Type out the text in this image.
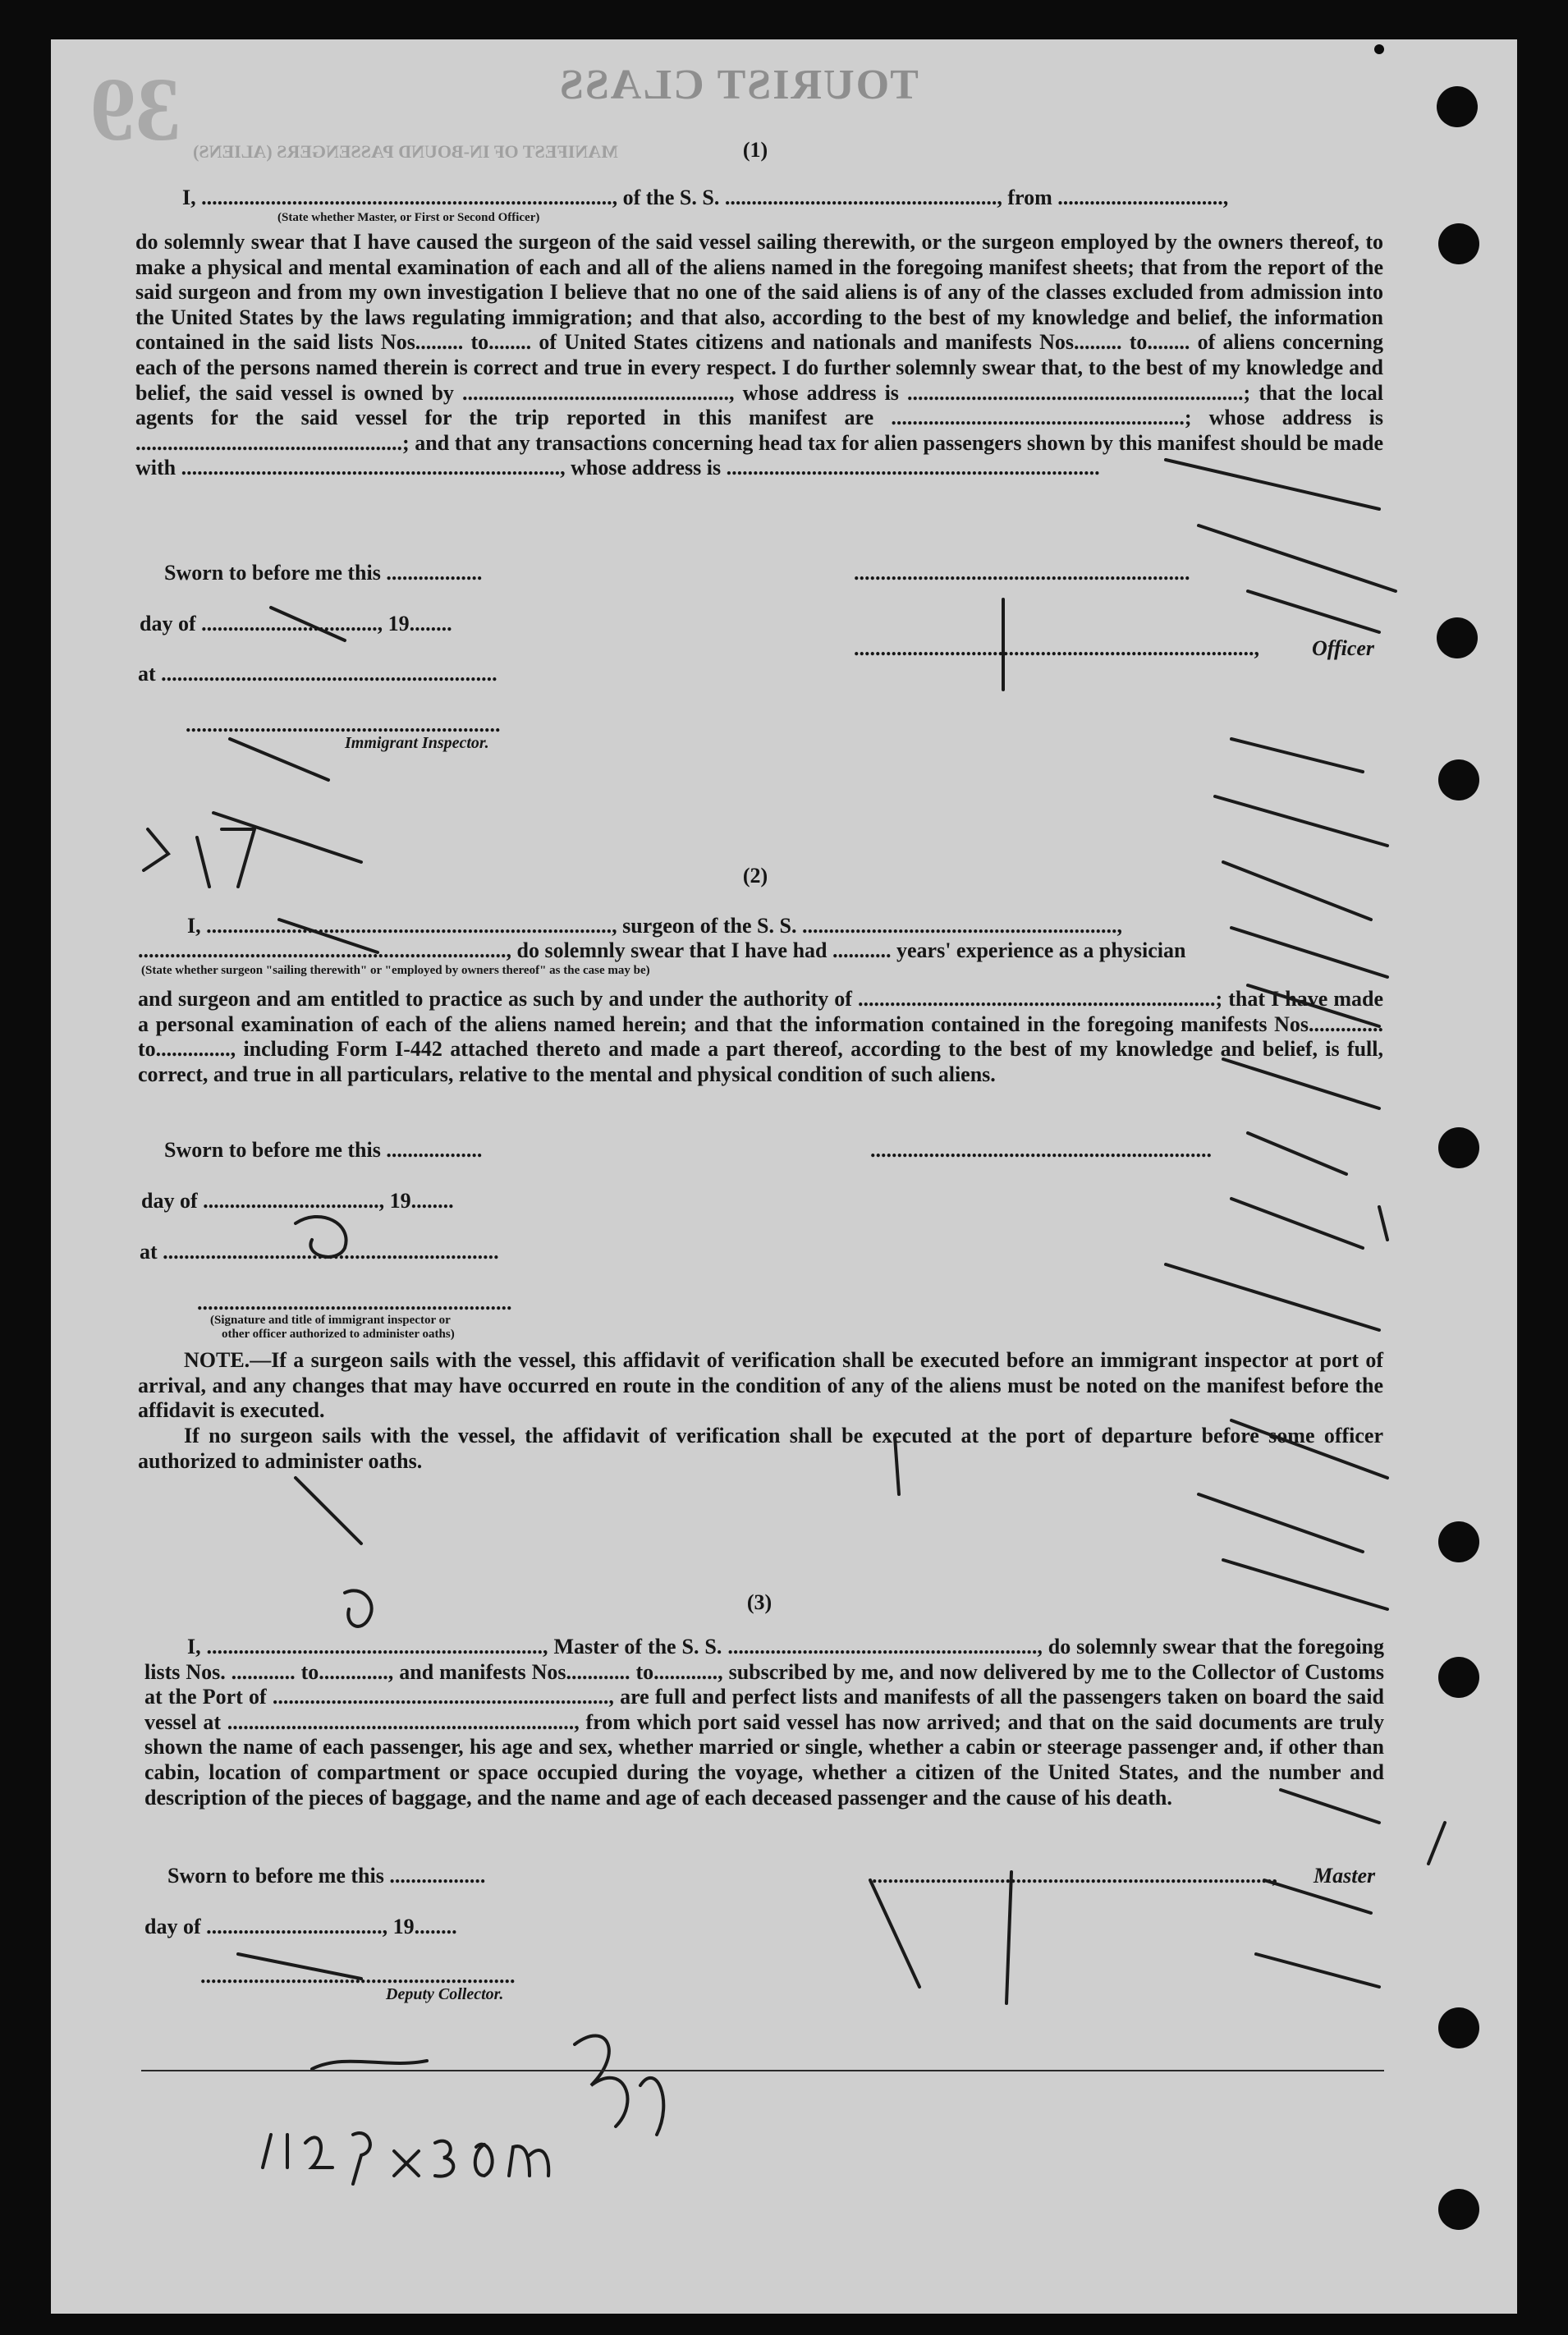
39	TOURIST CLASS
MANIFEST OF IN-BOUND PASSENGERS (ALIENS)	(1)
I, ............................................................................., of the S. S. ..................................................., from ...............................,
(State whether Master, or First or Second Officer)
do solemnly swear that I have caused the surgeon of the said vessel sailing therewith, or the surgeon employed by the owners thereof, to make a physical and mental examination of each and all of the aliens named in the foregoing manifest sheets; that from the report of the said surgeon and from my own investigation I believe that no one of the said aliens is of any of the classes excluded from admission into the United States by the laws regulating immigration; and that also, according to the best of my knowledge and belief, the information contained in the said lists Nos......... to........ of United States citizens and nationals and manifests Nos......... to........ of aliens concerning each of the persons named therein is correct and true in every respect. I do further solemnly swear that, to the best of my knowledge and belief, the said vessel is owned by .................................................., whose address is ...............................................................; that the local agents for the said vessel for the trip reported in this manifest are .......................................................; whose address is ..................................................; and that any transactions concerning head tax for alien passengers shown by this manifest should be made with ......................................................................., whose address is ......................................................................
Sworn to before me this ..................
day of ................................., 19........
at ...............................................................
...........................................................
Immigrant Inspector.
...............................................................
..........................................................................., Officer
(2)
I, ............................................................................, surgeon of the S. S. ...........................................................,
....................................................................., do solemnly swear that I have had ........... years' experience as a physician
(State whether surgeon "sailing therewith" or "employed by owners thereof" as the case may be)
and surgeon and am entitled to practice as such by and under the authority of ...................................................................; that I have made a personal examination of each of the aliens named herein; and that the information contained in the foregoing manifests Nos.............. to.............., including Form I-442 attached thereto and made a part thereof, according to the best of my knowledge and belief, is full, correct, and true in all particulars, relative to the mental and physical condition of such aliens.
Sworn to before me this ..................
day of ................................., 19........
at ...............................................................
...........................................................
(Signature and title of immigrant inspector or
other officer authorized to administer oaths)
................................................................
NOTE.—If a surgeon sails with the vessel, this affidavit of verification shall be executed before an immigrant inspector at port of arrival, and any changes that may have occurred en route in the condition of any of the aliens must be noted on the manifest before the affidavit is executed.
If no surgeon sails with the vessel, the affidavit of verification shall be executed at the port of departure before some officer authorized to administer oaths.
(3)
I, ..............................................................., Master of the S. S. .........................................................., do solemnly swear that the foregoing lists Nos. ............ to............., and manifests Nos............ to............, subscribed by me, and now delivered by me to the Collector of Customs at the Port of ..............................................................., are full and perfect lists and manifests of all the passengers taken on board the said vessel at ................................................................., from which port said vessel has now arrived; and that on the said documents are truly shown the name of each passenger, his age and sex, whether married or single, whether a cabin or steerage passenger and, if other than cabin, location of compartment or space occupied during the voyage, whether a citizen of the United States, and the number and description of the pieces of baggage, and the name and age of each deceased passenger and the cause of his death.
Sworn to before me this ..................
day of ................................., 19........
...........................................................
Deputy Collector.
..........................................................................., Master
